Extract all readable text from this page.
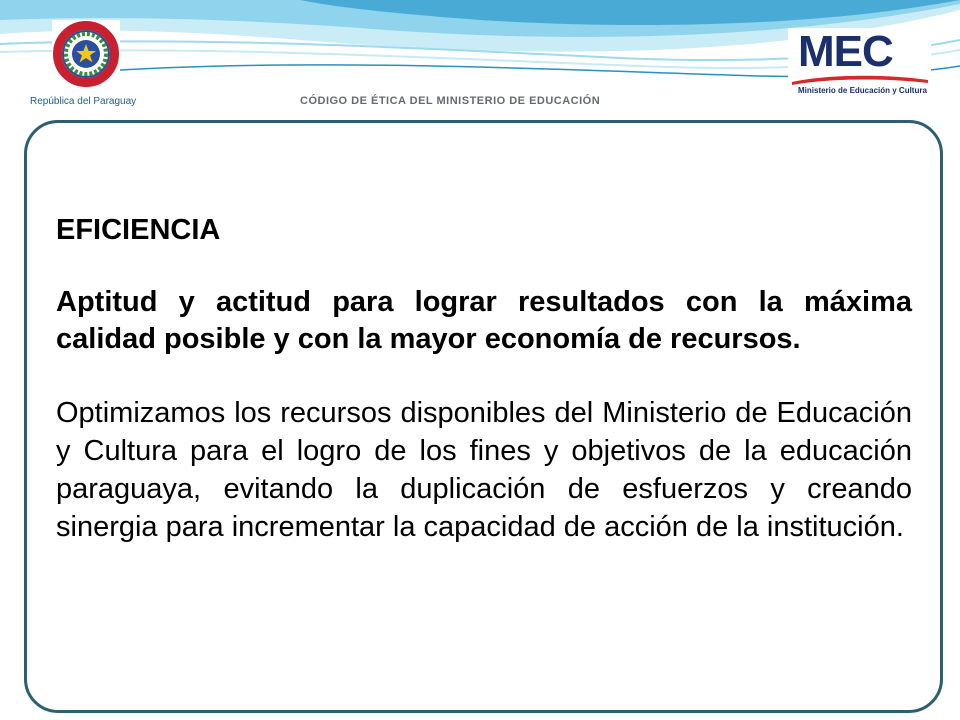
República del Paraguay	CÓDIGO DE ÉTICA DEL MINISTERIO DE EDUCACIÓN
MEC
Ministerio de Educación y Cultura

EFICIENCIA

Aptitud y actitud para lograr resultados con la máxima calidad posible y con la mayor economía de recursos.

Optimizamos los recursos disponibles del Ministerio de Educación y Cultura para el logro de los fines y objetivos de la educación paraguaya, evitando la duplicación de esfuerzos y creando sinergia para incrementar la capacidad de acción de la institución.
